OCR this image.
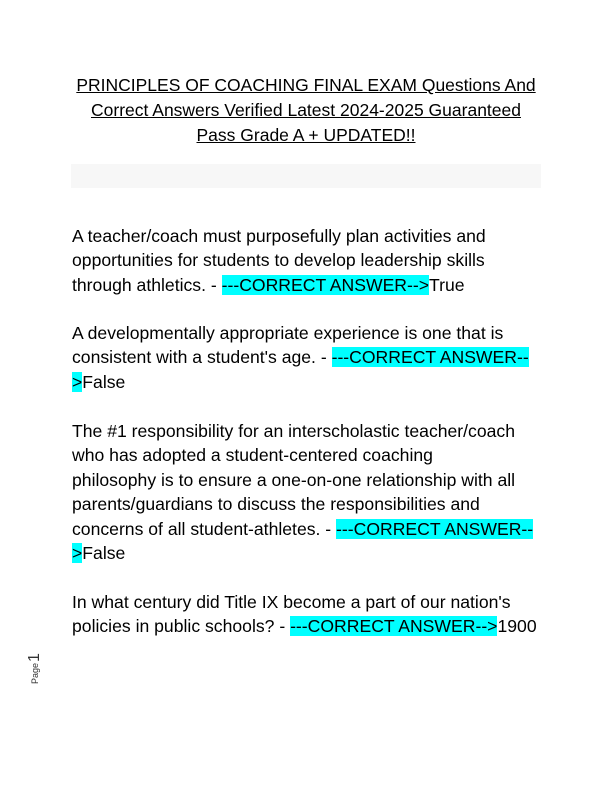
PRINCIPLES OF COACHING FINAL EXAM Questions And
Correct Answers Verified Latest 2024-2025 Guaranteed
Pass Grade A + UPDATED!!

A teacher/coach must purposefully plan activities and
opportunities for students to develop leadership skills
through athletics. - ---CORRECT ANSWER-->True

A developmentally appropriate experience is one that is
consistent with a student's age. - ---CORRECT ANSWER--
>False

The #1 responsibility for an interscholastic teacher/coach
who has adopted a student-centered coaching
philosophy is to ensure a one-on-one relationship with all
parents/guardians to discuss the responsibilities and
concerns of all student-athletes. - ---CORRECT ANSWER--
>False

In what century did Title IX become a part of our nation's
policies in public schools? - ---CORRECT ANSWER-->1900

Page1
